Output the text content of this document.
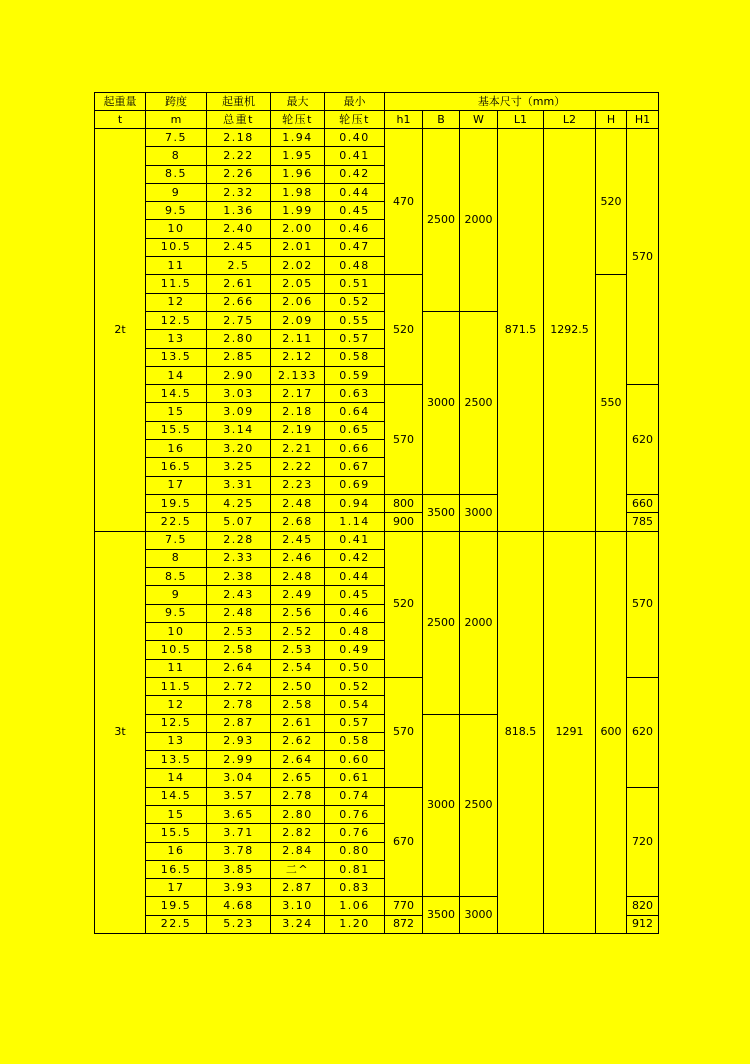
起重量	跨度	起重机	最大	最小	基本尺寸（mm）						
t	m	总重t	轮压t	轮压t	h1	B	W	L1	L2	H	H1
2t	7.5	2.18	1.94	0.40	470	2500	2000	871.5	1292.5	520	570
	8	2.22	1.95	0.41							
	8.5	2.26	1.96	0.42							
	9	2.32	1.98	0.44							
	9.5	1.36	1.99	0.45							
	10	2.40	2.00	0.46							
	10.5	2.45	2.01	0.47							
	11	2.5	2.02	0.48							
	11.5	2.61	2.05	0.51	520					550	
	12	2.66	2.06	0.52							
	12.5	2.75	2.09	0.55		3000	2500				
	13	2.80	2.11	0.57							
	13.5	2.85	2.12	0.58							
	14	2.90	2.133	0.59							
	14.5	3.03	2.17	0.63	570						620
	15	3.09	2.18	0.64							
	15.5	3.14	2.19	0.65							
	16	3.20	2.21	0.66							
	16.5	3.25	2.22	0.67							
	17	3.31	2.23	0.69							
	19.5	4.25	2.48	0.94	800	3500	3000				660
	22.5	5.07	2.68	1.14	900						785
3t	7.5	2.28	2.45	0.41	520	2500	2000	818.5	1291	600	570
	8	2.33	2.46	0.42							
	8.5	2.38	2.48	0.44							
	9	2.43	2.49	0.45							
	9.5	2.48	2.56	0.46							
	10	2.53	2.52	0.48							
	10.5	2.58	2.53	0.49							
	11	2.64	2.54	0.50							
	11.5	2.72	2.50	0.52	570						620
	12	2.78	2.58	0.54							
	12.5	2.87	2.61	0.57		3000	2500				
	13	2.93	2.62	0.58							
	13.5	2.99	2.64	0.60							
	14	3.04	2.65	0.61							
	14.5	3.57	2.78	0.74	670						720
	15	3.65	2.80	0.76							
	15.5	3.71	2.82	0.76							
	16	3.78	2.84	0.80							
	16.5	3.85	二^	0.81							
	17	3.93	2.87	0.83							
	19.5	4.68	3.10	1.06	770	3500	3000				820
	22.5	5.23	3.24	1.20	872						912
